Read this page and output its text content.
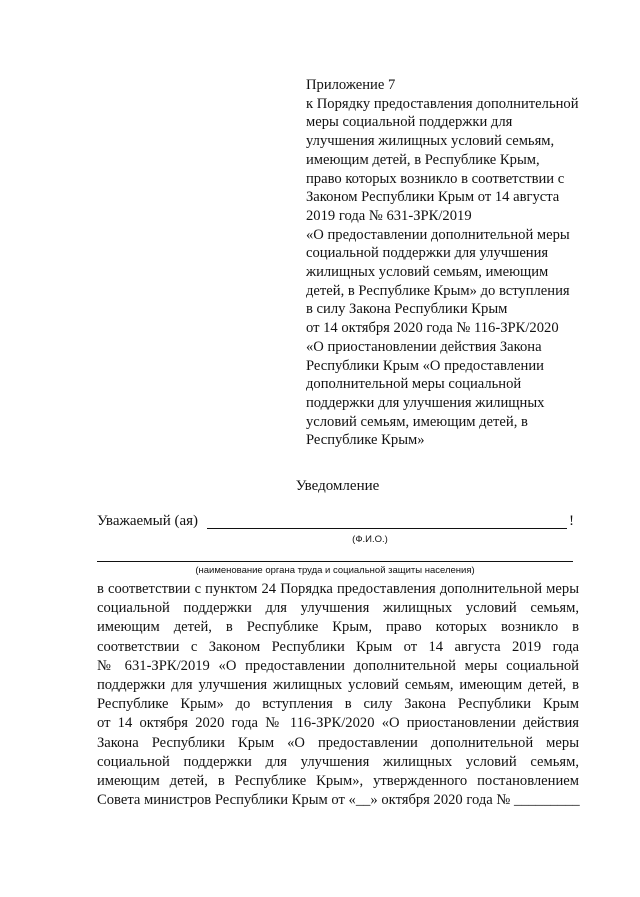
Приложение 7
к Порядку предоставления дополнительной
меры социальной поддержки для
улучшения жилищных условий семьям,
имеющим детей, в Республике Крым,
право которых возникло в соответствии с
Законом Республики Крым от 14 августа
2019 года № 631-ЗРК/2019
«О предоставлении дополнительной меры
социальной поддержки для улучшения
жилищных условий семьям, имеющим
детей, в Республике Крым» до вступления
в силу Закона Республики Крым
от 14 октября 2020 года № 116-ЗРК/2020
«О приостановлении действия Закона
Республики Крым «О предоставлении
дополнительной меры социальной
поддержки для улучшения жилищных
условий семьям, имеющим детей, в
Республике Крым»
Уведомление
Уважаемый (ая)	!
(Ф.И.О.)
(наименование органа труда и социальной защиты населения)
в соответствии с пунктом 24 Порядка предоставления дополнительной меры
социальной поддержки для улучшения жилищных условий семьям,
имеющим детей, в Республике Крым, право которых возникло в
соответствии с Законом Республики Крым от 14 августа 2019 года
№ 631-ЗРК/2019 «О предоставлении дополнительной меры социальной
поддержки для улучшения жилищных условий семьям, имеющим детей, в
Республике Крым» до вступления в силу Закона Республики Крым
от 14 октября 2020 года № 116-ЗРК/2020 «О приостановлении действия
Закона Республики Крым «О предоставлении дополнительной меры
социальной поддержки для улучшения жилищных условий семьям,
имеющим детей, в Республике Крым», утвержденного постановлением
Совета министров Республики Крым от «__» октября 2020 года № _________
